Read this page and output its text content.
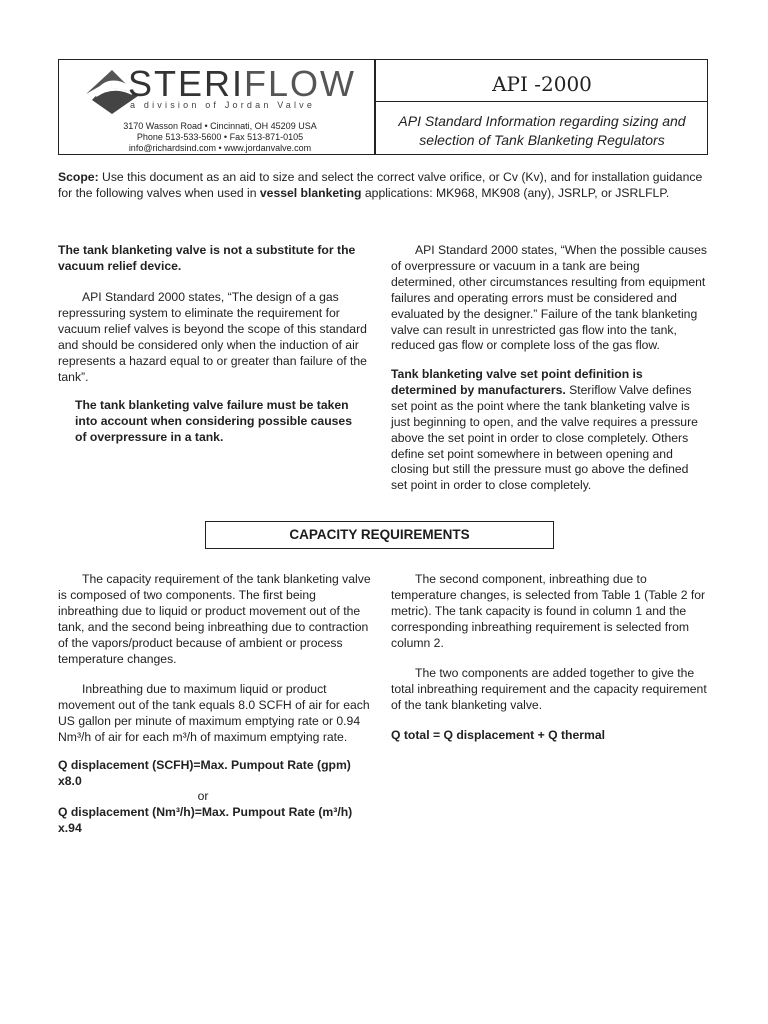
STERIFLOW
a division of Jordan Valve
3170 Wasson Road • Cincinnati, OH 45209 USA
Phone 513-533-5600 • Fax 513-871-0105
info@richardsind.com • www.jordanvalve.com
API -2000
API Standard Information regarding sizing and selection of Tank Blanketing Regulators
Scope: Use this document as an aid to size and select the correct valve orifice, or Cv (Kv), and for installation guidance for the following valves when used in vessel blanketing applications: MK968, MK908 (any), JSRLP, or JSRLFLP.
The tank blanketing valve is not a substitute for the vacuum relief device.
API Standard 2000 states, “The design of a gas repressuring system to eliminate the requirement for vacuum relief valves is beyond the scope of this standard and should be considered only when the induction of air represents a hazard equal to or greater than failure of the tank”.
The tank blanketing valve failure must be taken into account when considering possible causes of overpressure in a tank.
API Standard 2000 states, “When the possible causes of overpressure or vacuum in a tank are being determined, other circumstances resulting from equipment failures and operating errors must be considered and evaluated by the designer.” Failure of the tank blanketing valve can result in unrestricted gas flow into the tank, reduced gas flow or complete loss of the gas flow.
Tank blanketing valve set point definition is determined by manufacturers. Steriflow Valve defines set point as the point where the tank blanketing valve is just beginning to open, and the valve requires a pressure above the set point in order to close completely. Others define set point somewhere in between opening and closing but still the pressure must go above the defined set point in order to close completely.
CAPACITY REQUIREMENTS
The capacity requirement of the tank blanketing valve is composed of two components. The first being inbreathing due to liquid or product movement out of the tank, and the second being inbreathing due to contraction of the vapors/product because of ambient or process temperature changes.
Inbreathing due to maximum liquid or product movement out of the tank equals 8.0 SCFH of air for each US gallon per minute of maximum emptying rate or 0.94 Nm³/h of air for each m³/h of maximum emptying rate.
Q displacement (SCFH)=Max. Pumpout Rate (gpm) x8.0
or
Q displacement (Nm³/h)=Max. Pumpout Rate (m³/h) x.94
The second component, inbreathing due to temperature changes, is selected from Table 1 (Table 2 for metric). The tank capacity is found in column 1 and the corresponding inbreathing requirement is selected from column 2.
The two components are added together to give the total inbreathing requirement and the capacity requirement of the tank blanketing valve.
Q total = Q displacement + Q thermal
